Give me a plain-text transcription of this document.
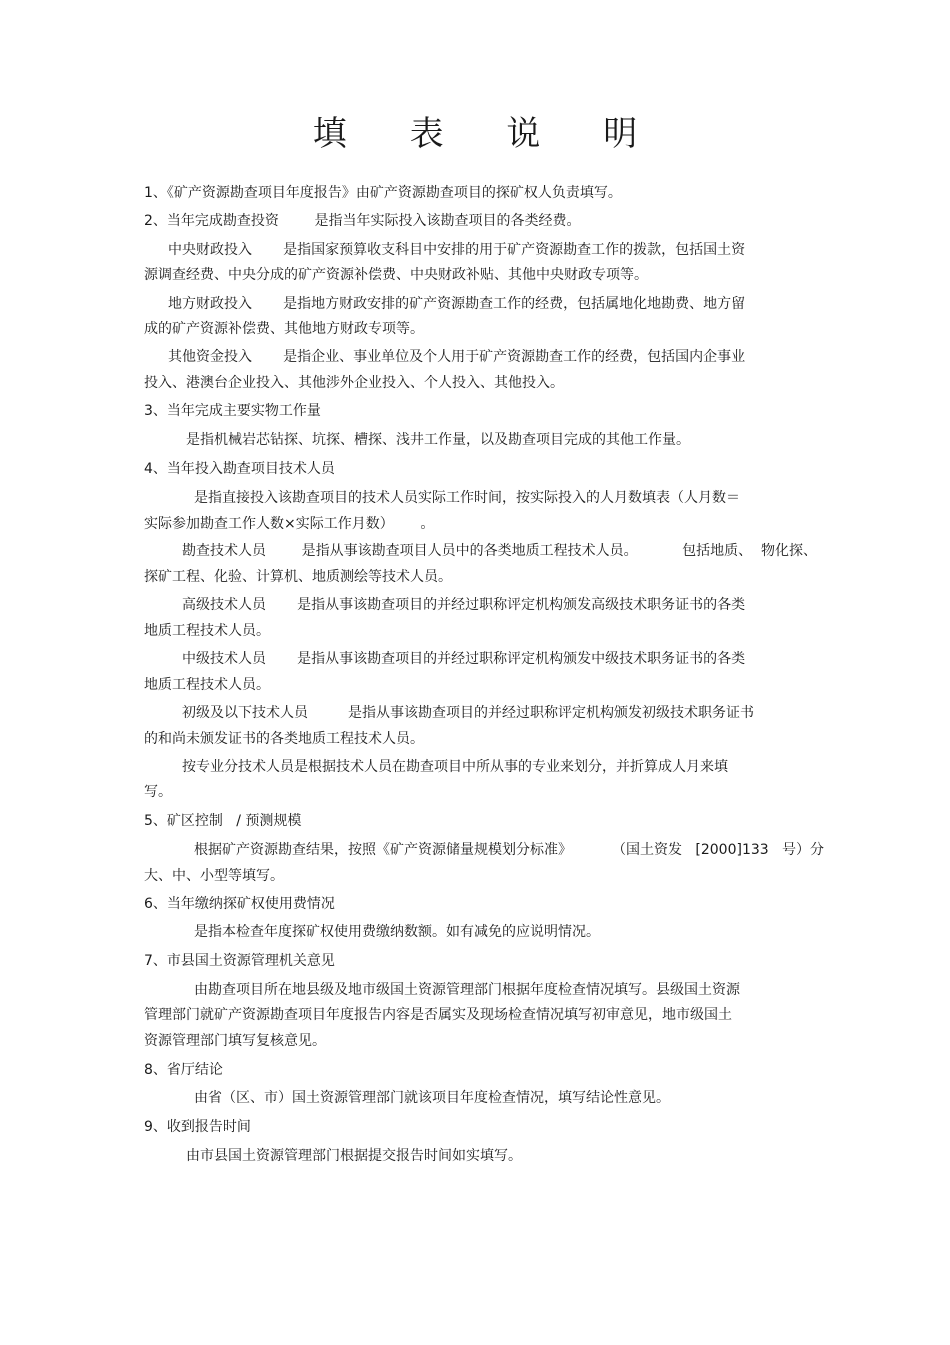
填 表 说 明
1、《矿产资源勘查项目年度报告》由矿产资源勘查项目的探矿权人负责填写。
2、当年完成勘查投资        是指当年实际投入该勘查项目的各类经费。
中央财政投入       是指国家预算收支科目中安排的用于矿产资源勘查工作的拨款，包括国土资
源调查经费、中央分成的矿产资源补偿费、中央财政补贴、其他中央财政专项等。
地方财政投入       是指地方财政安排的矿产资源勘查工作的经费，包括属地化地勘费、地方留
成的矿产资源补偿费、其他地方财政专项等。
其他资金投入       是指企业、事业单位及个人用于矿产资源勘查工作的经费，包括国内企事业
投入、港澳台企业投入、其他涉外企业投入、个人投入、其他投入。
3、当年完成主要实物工作量
是指机械岩芯钻探、坑探、槽探、浅井工作量，以及勘查项目完成的其他工作量。
4、当年投入勘查项目技术人员
是指直接投入该勘查项目的技术人员实际工作时间，按实际投入的人月数填表（人月数＝
实际参加勘查工作人数×实际工作月数）      。
勘查技术人员        是指从事该勘查项目人员中的各类地质工程技术人员。          包括地质、  物化探、
探矿工程、化验、计算机、地质测绘等技术人员。
高级技术人员       是指从事该勘查项目的并经过职称评定机构颁发高级技术职务证书的各类
地质工程技术人员。
中级技术人员       是指从事该勘查项目的并经过职称评定机构颁发中级技术职务证书的各类
地质工程技术人员。
初级及以下技术人员         是指从事该勘查项目的并经过职称评定机构颁发初级技术职务证书
的和尚未颁发证书的各类地质工程技术人员。
按专业分技术人员是根据技术人员在勘查项目中所从事的专业来划分，并折算成人月来填
写。
5、矿区控制   / 预测规模
根据矿产资源勘查结果，按照《矿产资源储量规模划分标准》         （国土资发   [2000]133   号）分
大、中、小型等填写。
6、当年缴纳探矿权使用费情况
是指本检查年度探矿权使用费缴纳数额。如有减免的应说明情况。
7、市县国土资源管理机关意见
由勘查项目所在地县级及地市级国土资源管理部门根据年度检查情况填写。县级国土资源
管理部门就矿产资源勘查项目年度报告内容是否属实及现场检查情况填写初审意见，地市级国土
资源管理部门填写复核意见。
8、省厅结论
由省（区、市）国土资源管理部门就该项目年度检查情况，填写结论性意见。
9、收到报告时间
由市县国土资源管理部门根据提交报告时间如实填写。
